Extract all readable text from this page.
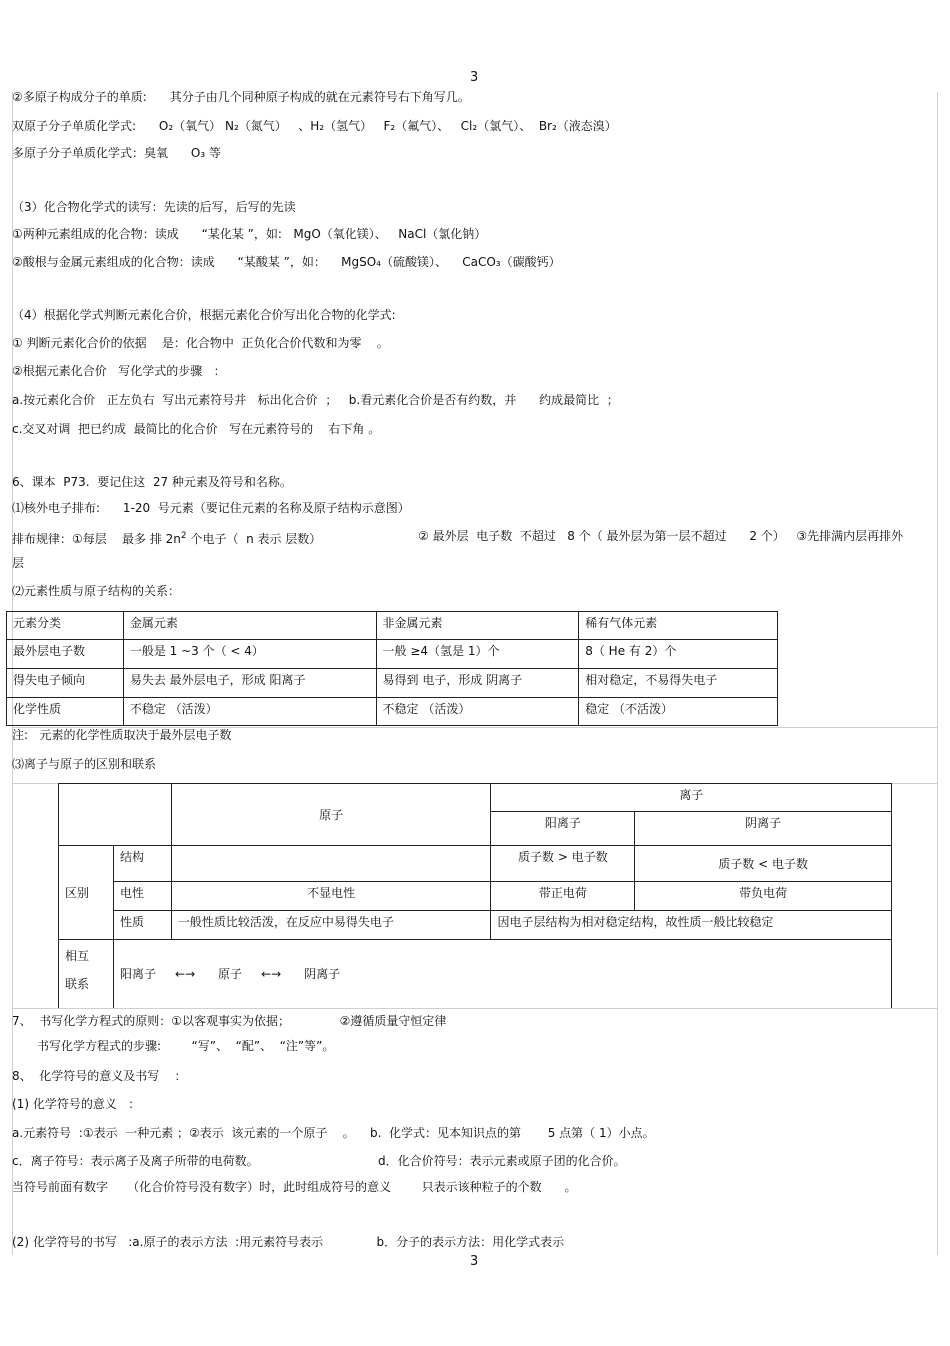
3
②多原子构成分子的单质:      其分子由几个同种原子构成的就在元素符号右下角写几。
双原子分子单质化学式:      O₂（氧气） N₂（氮气）   、H₂（氢气）   F₂（氟气）、   Cl₂（氯气）、  Br₂（液态溴）
多原子分子单质化学式：臭氧      O₃ 等
（3）化合物化学式的读写：先读的后写，后写的先读
①两种元素组成的化合物：读成      “某化某 ”，如:   MgO（氧化镁）、   NaCl（氯化钠）
②酸根与金属元素组成的化合物：读成      “某酸某 ”，如：    MgSO₄（硫酸镁）、    CaCO₃（碳酸钙）
（4）根据化学式判断元素化合价，根据元素化合价写出化合物的化学式:
① 判断元素化合价的依据    是：化合物中  正负化合价代数和为零    。
②根据元素化合价   写化学式的步骤   ：
a.按元素化合价   正左负右  写出元素符号并   标出化合价  ；   b.看元素化合价是否有约数，并      约成最简比  ；
c.交叉对调  把已约成  最简比的化合价   写在元素符号的    右下角 。
6、课本  P73.  要记住这  27 种元素及符号和名称。
⑴核外电子排布:      1-20  号元素（要记住元素的名称及原子结构示意图）
排布规律：①每层    最多 排 $2n^2$ 个电子（  n 表示 层数）	② 最外层  电子数  不超过   8 个（ 最外层为第一层不超过      2 个）   ③先排满内层再排外
层
⑵元素性质与原子结构的关系：
元素分类	金属元素	非金属元素	稀有气体元素
最外层电子数	一般是 1 ~3 个（ < 4）	一般 ≥4（氢是 1）个	8（ He 有 2）个
得失电子倾向	易失去 最外层电子，形成 阳离子	易得到 电子，形成 阴离子	相对稳定，不易得失电子
化学性质	不稳定 （活泼）	不稳定 （活泼）	稳定 （不活泼）
注:   元素的化学性质取决于最外层电子数
⑶离子与原子的区别和联系
		原子	离子	
			阳离子	阴离子
区别	结构		质子数 > 电子数	质子数 < 电子数
	电性	不显电性	带正电荷	带负电荷
	性质	一般性质比较活泼，在反应中易得失电子	因电子层结构为相对稳定结构，故性质一般比较稳定	
相互
联系	阳离子     ←→      原子     ←→      阴离子			
7、  书写化学方程式的原则：①以客观事实为依据；             ②遵循质量守恒定律
书写化学方程式的步骤:        “写”、  “配”、  “注”等”。
8、  化学符号的意义及书写    ：
(1) 化学符号的意义   ：
a.元素符号  :①表示  一种元素 ；②表示  该元素的一个原子    。    b.  化学式：见本知识点的第       5 点第（ 1）小点。
c．离子符号：表示离子及离子所带的电荷数。	d．化合价符号：表示元素或原子团的化合价。
当符号前面有数字     （化合价符号没有数字）时，此时组成符号的意义        只表示该种粒子的个数      。
(2) 化学符号的书写   :a.原子的表示方法  :用元素符号表示              b．分子的表示方法：用化学式表示
3
